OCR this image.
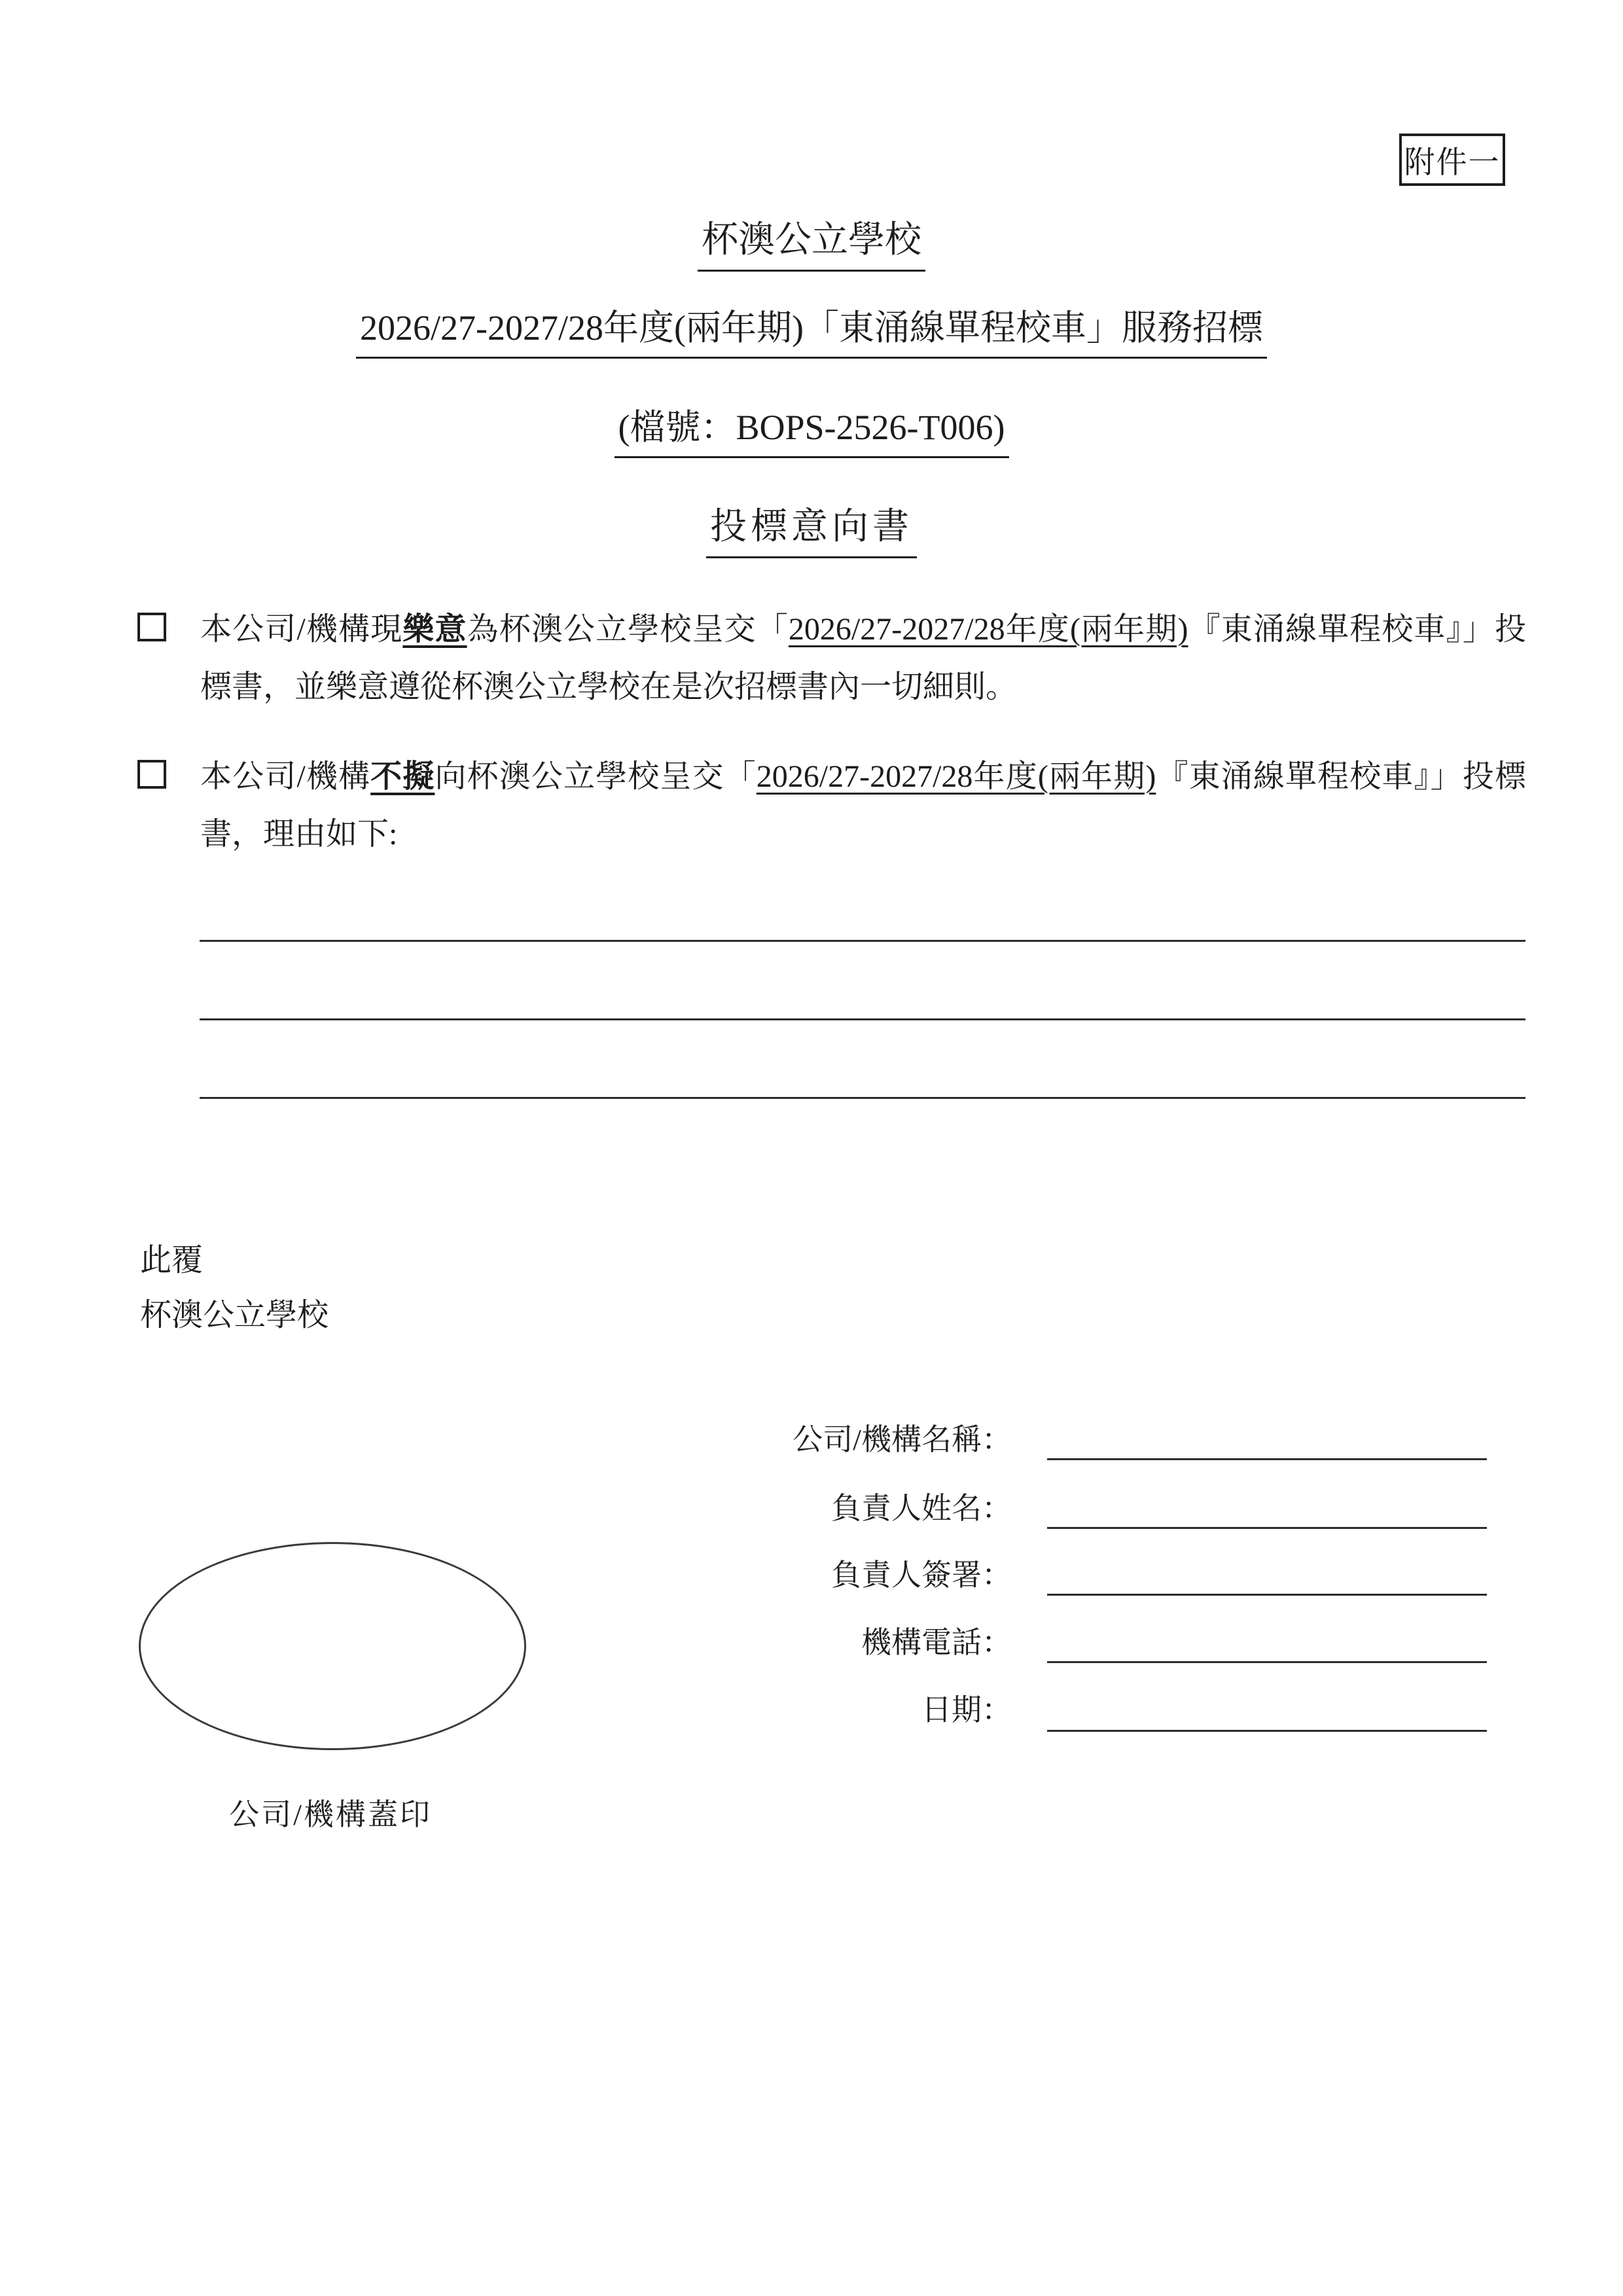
附件一
杯澳公立學校
2026/27-2027/28年度(兩年期)「東涌線單程校車」服務招標
(檔號：BOPS-2526-T006)
投標意向書

本公司/機構現樂意為杯澳公立學校呈交「2026/27-2027/28年度(兩年期)『東涌線單程校車』」投標書，並樂意遵從杯澳公立學校在是次招標書內一切細則。

本公司/機構不擬向杯澳公立學校呈交「2026/27-2027/28年度(兩年期)『東涌線單程校車』」投標書，理由如下:

此覆
杯澳公立學校
公司/機構名稱：
負責人姓名：
負責人簽署：
機構電話：
日期：
公司/機構蓋印
